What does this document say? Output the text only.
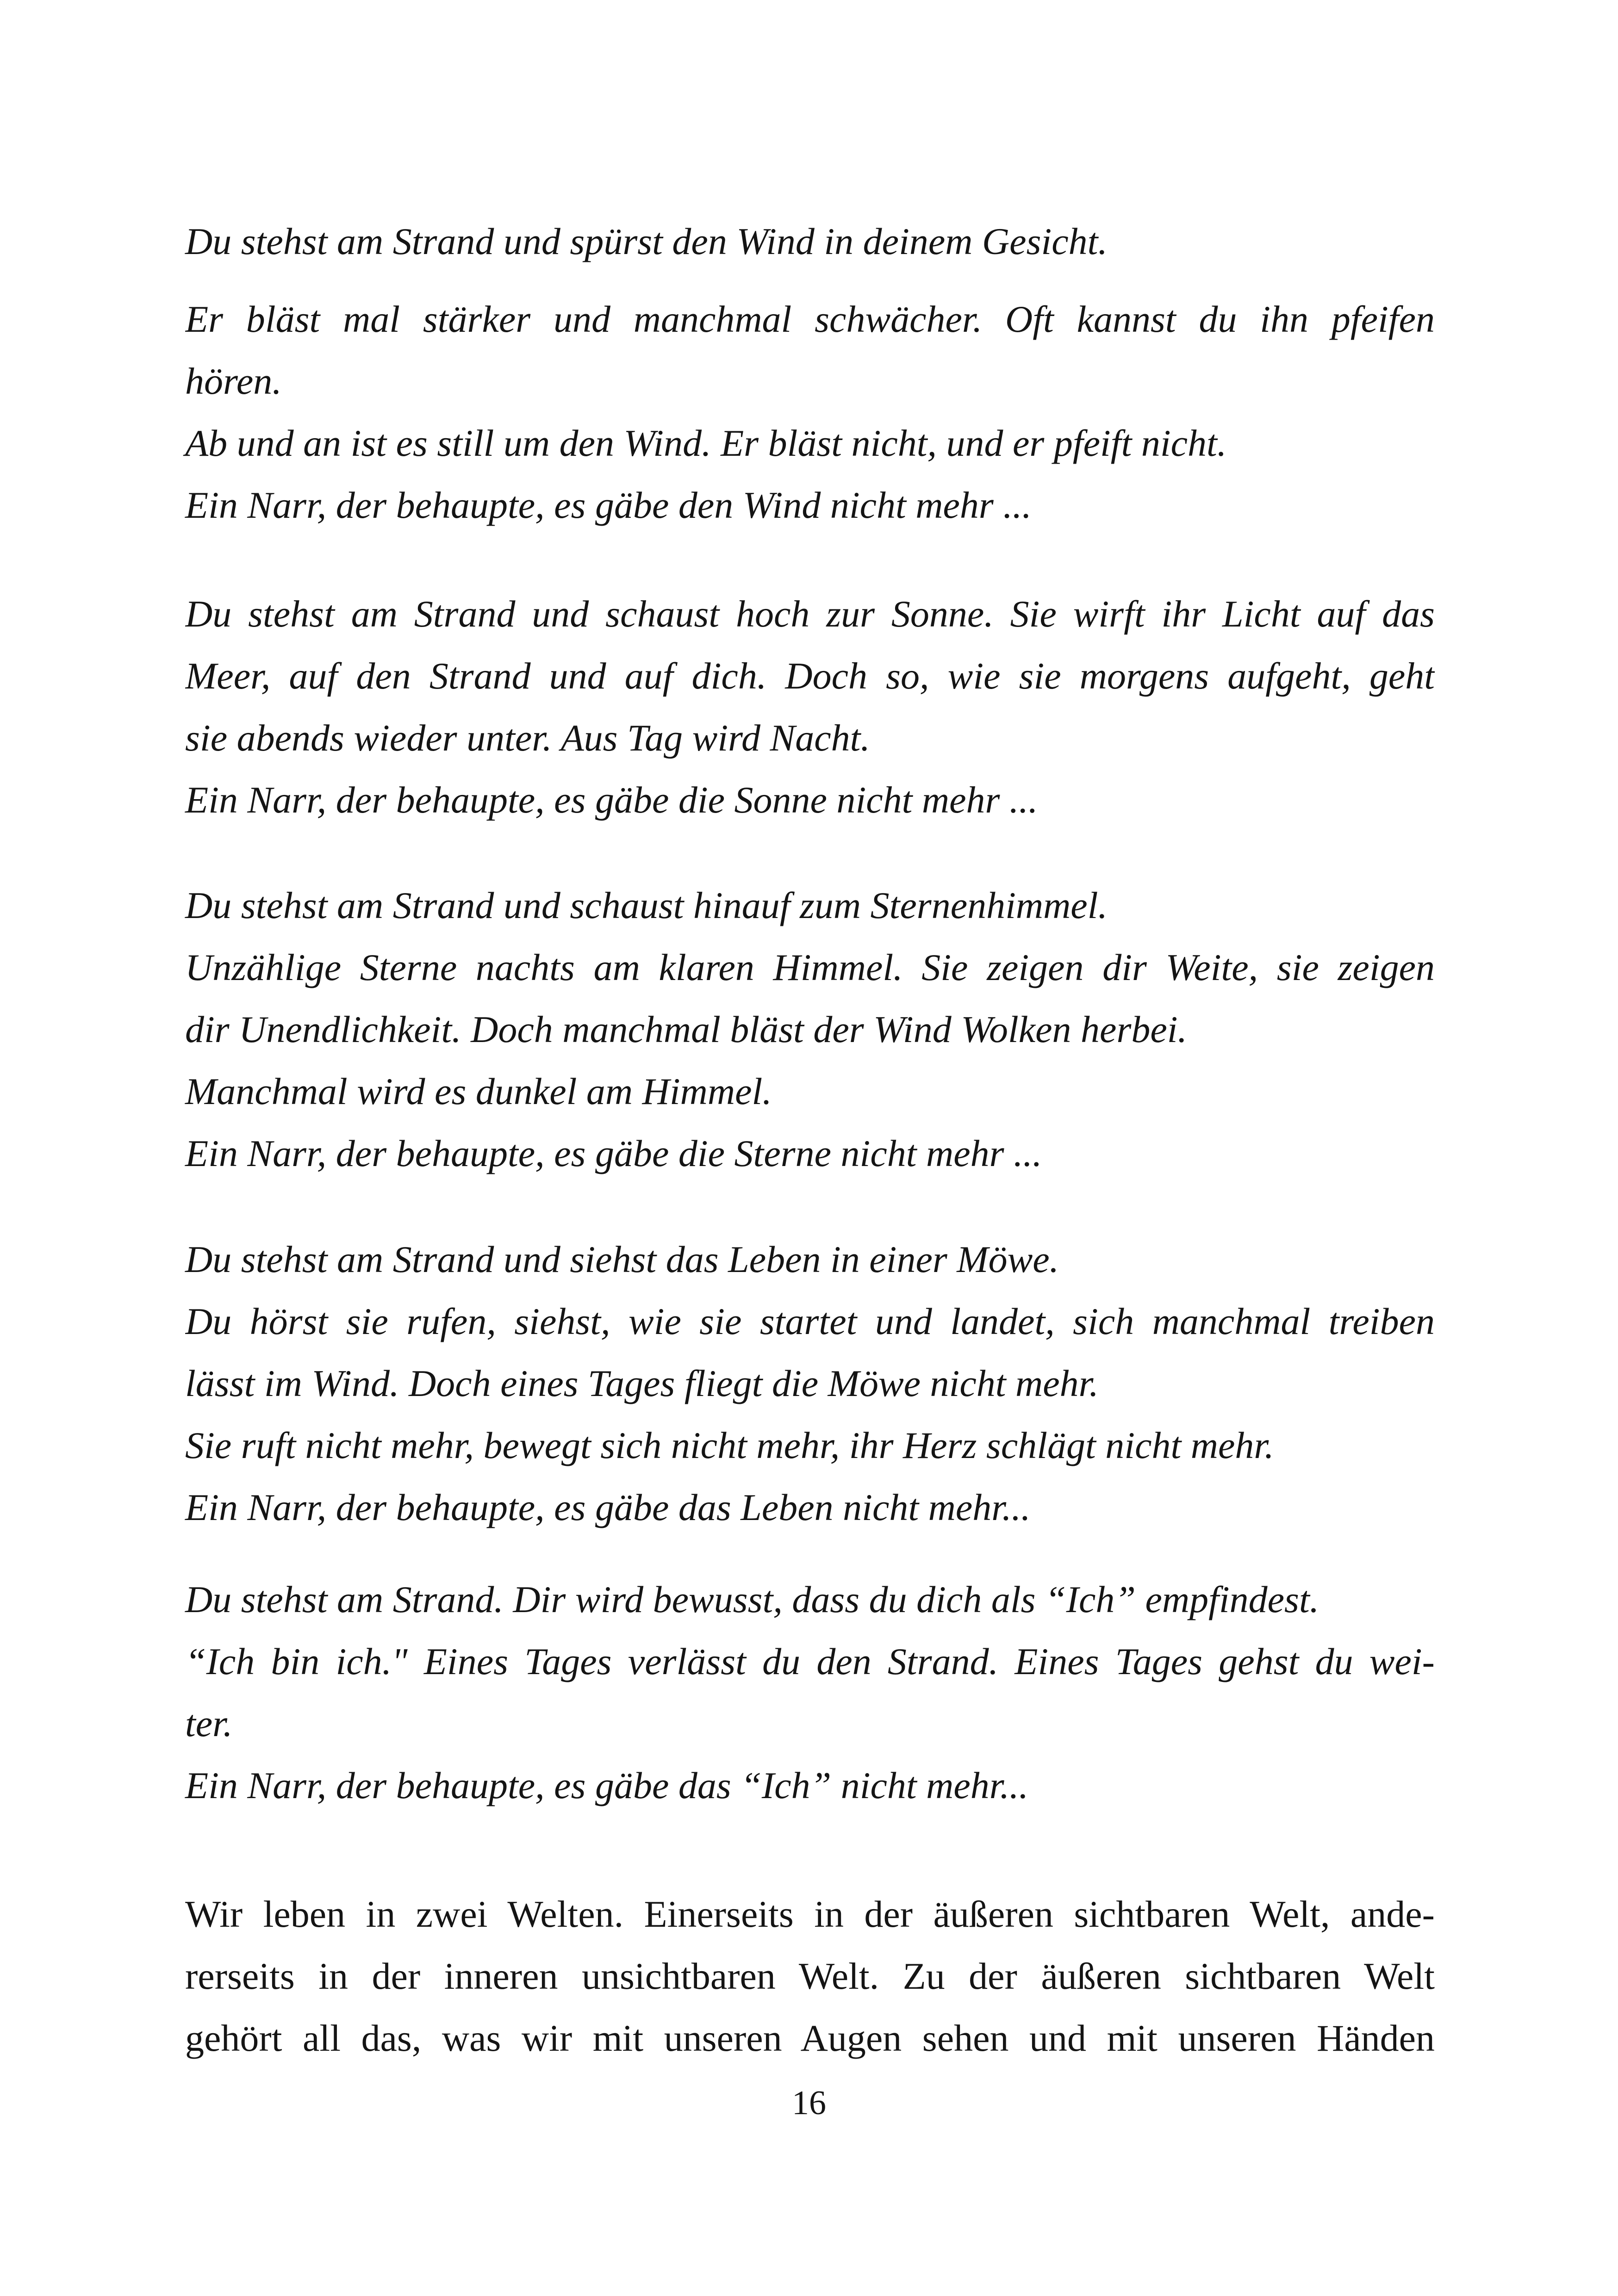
Du stehst am Strand und spürst den Wind in deinem Gesicht.
Er bläst mal stärker und manchmal schwächer. Oft kannst du ihn pfeifen
hören.
Ab und an ist es still um den Wind. Er bläst nicht, und er pfeift nicht.
Ein Narr, der behaupte, es gäbe den Wind nicht mehr ...
Du stehst am Strand und schaust hoch zur Sonne. Sie wirft ihr Licht auf das
Meer, auf den Strand und auf dich. Doch so, wie sie morgens aufgeht, geht
sie abends wieder unter. Aus Tag wird Nacht.
Ein Narr, der behaupte, es gäbe die Sonne nicht mehr ...
Du stehst am Strand und schaust hinauf zum Sternenhimmel.
Unzählige Sterne nachts am klaren Himmel. Sie zeigen dir Weite, sie zeigen
dir Unendlichkeit. Doch manchmal bläst der Wind Wolken herbei.
Manchmal wird es dunkel am Himmel.
Ein Narr, der behaupte, es gäbe die Sterne nicht mehr ...
Du stehst am Strand und siehst das Leben in einer Möwe.
Du hörst sie rufen, siehst, wie sie startet und landet, sich manchmal treiben
lässt im Wind. Doch eines Tages fliegt die Möwe nicht mehr.
Sie ruft nicht mehr, bewegt sich nicht mehr, ihr Herz schlägt nicht mehr.
Ein Narr, der behaupte, es gäbe das Leben nicht mehr...
Du stehst am Strand. Dir wird bewusst, dass du dich als “Ich” empfindest.
“Ich bin ich." Eines Tages verlässt du den Strand. Eines Tages gehst du wei-
ter.
Ein Narr, der behaupte, es gäbe das “Ich” nicht mehr...
Wir leben in zwei Welten. Einerseits in der äußeren sichtbaren Welt, ande-
rerseits in der inneren unsichtbaren Welt. Zu der äußeren sichtbaren Welt
gehört all das, was wir mit unseren Augen sehen und mit unseren Händen
16
